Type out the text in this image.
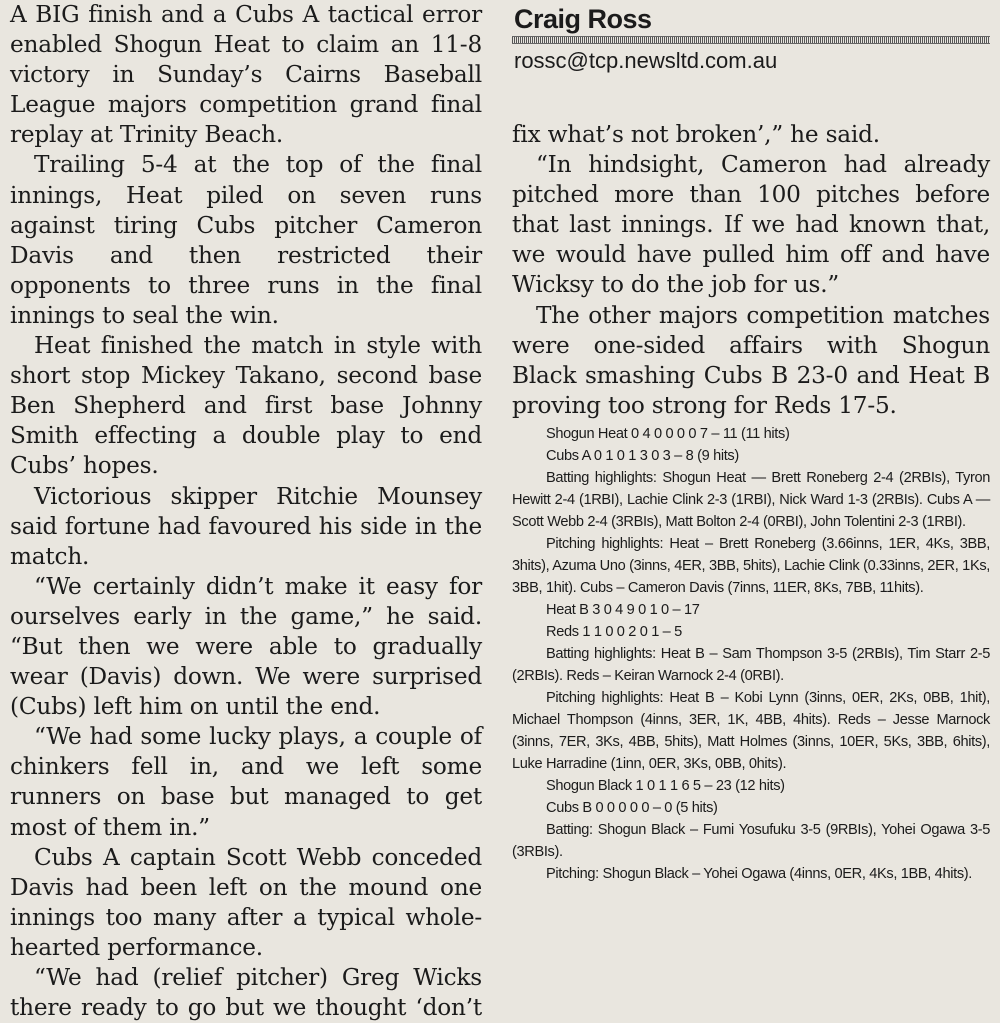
A BIG finish and a Cubs A tactical error enabled Shogun Heat to claim an 11-8 victory in Sunday’s Cairns Baseball League majors competition grand final replay at Trinity Beach.

Trailing 5-4 at the top of the final innings, Heat piled on seven runs against tiring Cubs pitcher Cameron Davis and then restricted their opponents to three runs in the final innings to seal the win.

Heat finished the match in style with short stop Mickey Takano, second base Ben Shepherd and first base Johnny Smith effecting a double play to end Cubs’ hopes.

Victorious skipper Ritchie Mounsey said fortune had favoured his side in the match.

“We certainly didn’t make it easy for ourselves early in the game,” he said. “But then we were able to gradually wear (Davis) down. We were surprised (Cubs) left him on until the end.

“We had some lucky plays, a couple of chinkers fell in, and we left some runners on base but managed to get most of them in.”

Cubs A captain Scott Webb conceded Davis had been left on the mound one innings too many after a typical whole-hearted performance.

“We had (relief pitcher) Greg Wicks there ready to go but we thought ‘don’t

Craig Ross
rossc@tcp.newsltd.com.au

fix what’s not broken’,” he said.

“In hindsight, Cameron had already pitched more than 100 pitches before that last innings. If we had known that, we would have pulled him off and have Wicksy to do the job for us.”

The other majors competition matches were one-sided affairs with Shogun Black smashing Cubs B 23-0 and Heat B proving too strong for Reds 17-5.

Shogun Heat 0 4 0 0 0 0 7 – 11 (11 hits)

Cubs A 0 1 0 1 3 0 3 – 8 (9 hits)

Batting highlights: Shogun Heat — Brett Roneberg 2-4 (2RBIs), Tyron Hewitt 2-4 (1RBI), Lachie Clink 2-3 (1RBI), Nick Ward 1-3 (2RBIs). Cubs A — Scott Webb 2-4 (3RBIs), Matt Bolton 2-4 (0RBI), John Tolentini 2-3 (1RBI).

Pitching highlights: Heat – Brett Roneberg (3.66inns, 1ER, 4Ks, 3BB, 3hits), Azuma Uno (3inns, 4ER, 3BB, 5hits), Lachie Clink (0.33inns, 2ER, 1Ks, 3BB, 1hit). Cubs – Cameron Davis (7inns, 11ER, 8Ks, 7BB, 11hits).

Heat B 3 0 4 9 0 1 0 – 17

Reds 1 1 0 0 2 0 1 – 5

Batting highlights: Heat B – Sam Thompson 3-5 (2RBIs), Tim Starr 2-5 (2RBIs). Reds – Keiran Warnock 2-4 (0RBI).

Pitching highlights: Heat B – Kobi Lynn (3inns, 0ER, 2Ks, 0BB, 1hit), Michael Thompson (4inns, 3ER, 1K, 4BB, 4hits). Reds – Jesse Marnock (3inns, 7ER, 3Ks, 4BB, 5hits), Matt Holmes (3inns, 10ER, 5Ks, 3BB, 6hits), Luke Harradine (1inn, 0ER, 3Ks, 0BB, 0hits).

Shogun Black 1 0 1 1 6 5 – 23 (12 hits)

Cubs B 0 0 0 0 0 – 0 (5 hits)

Batting: Shogun Black – Fumi Yosufuku 3-5 (9RBIs), Yohei Ogawa 3-5 (3RBIs).

Pitching: Shogun Black – Yohei Ogawa (4inns, 0ER, 4Ks, 1BB, 4hits).
